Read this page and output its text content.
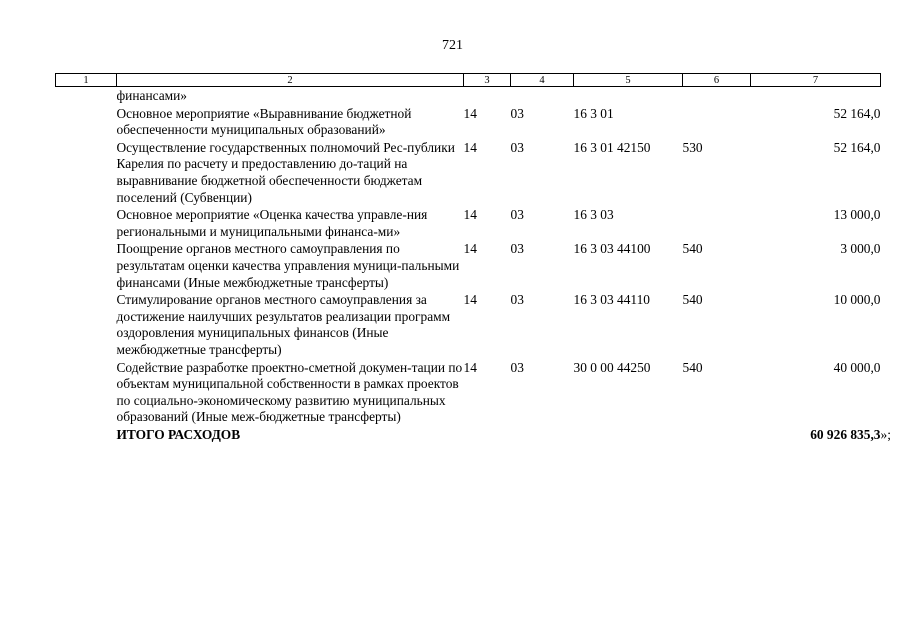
721
1	2	3	4	5	6	7
	финансами»					
	Основное мероприятие «Выравнивание бюджетной обеспеченности муниципальных образований»	14	03	16 3 01		52 164,0
	Осуществление государственных полномочий Рес-публики Карелия по расчету и предоставлению до-таций на выравнивание бюджетной обеспеченности бюджетам поселений (Субвенции)	14	03	16 3 01 42150	530	52 164,0
	Основное мероприятие «Оценка качества управле-ния региональными и муниципальными финанса-ми»	14	03	16 3 03		13 000,0
	Поощрение органов местного самоуправления по результатам оценки качества управления муници-пальными финансами (Иные межбюджетные трансферты)	14	03	16 3 03 44100	540	3 000,0
	Стимулирование органов местного самоуправления за достижение наилучших результатов реализации программ оздоровления муниципальных финансов (Иные межбюджетные трансферты)	14	03	16 3 03 44110	540	10 000,0
	Содействие разработке проектно-сметной докумен-тации по объектам муниципальной собственности в рамках проектов по социально-экономическому развитию муниципальных образований (Иные меж-бюджетные трансферты)	14	03	30 0 00 44250	540	40 000,0
	ИТОГО РАСХОДОВ					60 926 835,3 »;
